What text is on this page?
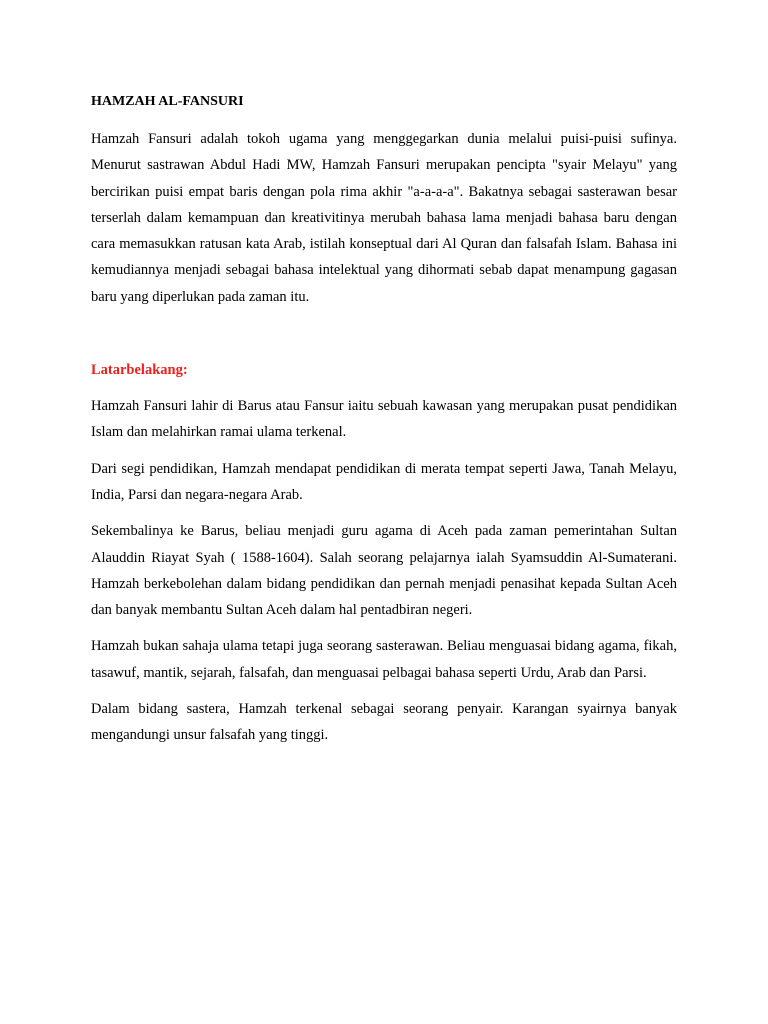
HAMZAH AL-FANSURI

Hamzah Fansuri adalah tokoh ugama yang menggegarkan dunia melalui puisi-puisi sufinya. Menurut sastrawan Abdul Hadi MW, Hamzah Fansuri merupakan pencipta "syair Melayu" yang bercirikan puisi empat baris dengan pola rima akhir "a-a-a-a". Bakatnya sebagai sasterawan besar terserlah dalam kemampuan dan kreativitinya merubah bahasa lama menjadi bahasa baru dengan cara memasukkan ratusan kata Arab, istilah konseptual dari Al Quran dan falsafah Islam. Bahasa ini kemudiannya menjadi sebagai bahasa intelektual yang dihormati sebab dapat menampung gagasan baru yang diperlukan pada zaman itu.

Latarbelakang:

Hamzah Fansuri lahir di Barus atau Fansur iaitu sebuah kawasan yang merupakan pusat pendidikan Islam dan melahirkan ramai ulama terkenal.

Dari segi pendidikan, Hamzah mendapat pendidikan di merata tempat seperti Jawa, Tanah Melayu, India, Parsi dan negara-negara Arab.

Sekembalinya ke Barus, beliau menjadi guru agama di Aceh pada zaman pemerintahan Sultan Alauddin Riayat Syah ( 1588-1604). Salah seorang pelajarnya ialah Syamsuddin Al-Sumaterani. Hamzah berkebolehan dalam bidang pendidikan dan pernah menjadi penasihat kepada Sultan Aceh dan banyak membantu Sultan Aceh dalam hal pentadbiran negeri.

Hamzah bukan sahaja ulama tetapi juga seorang sasterawan. Beliau menguasai bidang agama, fikah, tasawuf, mantik, sejarah, falsafah, dan menguasai pelbagai bahasa seperti Urdu, Arab dan Parsi.

Dalam bidang sastera, Hamzah terkenal sebagai seorang penyair. Karangan syairnya banyak mengandungi unsur falsafah yang tinggi.
